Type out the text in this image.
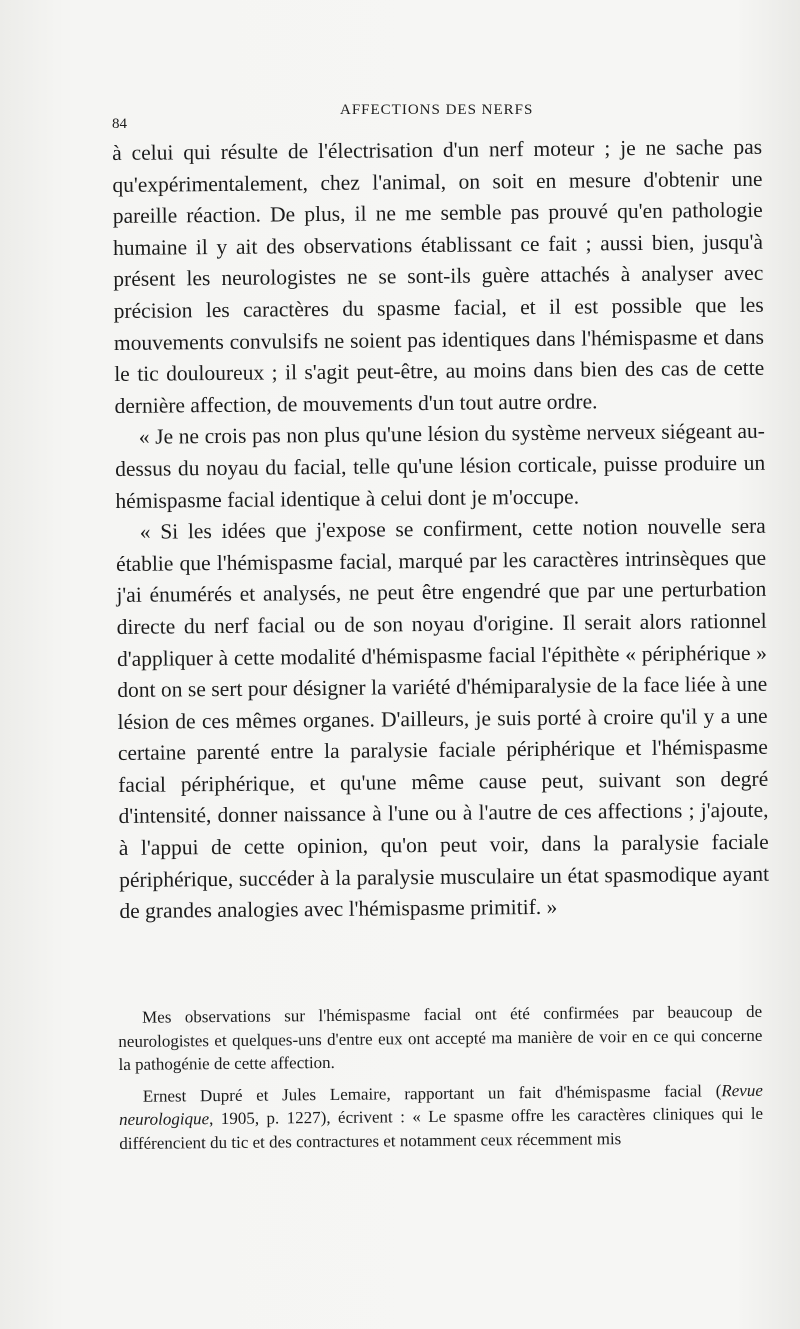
84
AFFECTIONS DES NERFS

à celui qui résulte de l'électrisation d'un nerf moteur ; je ne sache pas qu'expérimentalement, chez l'animal, on soit en mesure d'obtenir une pareille réaction. De plus, il ne me semble pas prouvé qu'en pathologie humaine il y ait des observations établissant ce fait ; aussi bien, jusqu'à présent les neurologistes ne se sont-ils guère attachés à analyser avec précision les caractères du spasme facial, et il est possible que les mouvements convulsifs ne soient pas identiques dans l'hémispasme et dans le tic douloureux ; il s'agit peut-être, au moins dans bien des cas de cette dernière affection, de mouvements d'un tout autre ordre.

« Je ne crois pas non plus qu'une lésion du système nerveux siégeant au-dessus du noyau du facial, telle qu'une lésion corticale, puisse produire un hémispasme facial identique à celui dont je m'occupe.

« Si les idées que j'expose se confirment, cette notion nouvelle sera établie que l'hémispasme facial, marqué par les caractères intrinsèques que j'ai énumérés et analysés, ne peut être engendré que par une perturbation directe du nerf facial ou de son noyau d'origine. Il serait alors rationnel d'appliquer à cette modalité d'hémispasme facial l'épithète « périphérique » dont on se sert pour désigner la variété d'hémiparalysie de la face liée à une lésion de ces mêmes organes. D'ailleurs, je suis porté à croire qu'il y a une certaine parenté entre la paralysie faciale périphérique et l'hémispasme facial périphérique, et qu'une même cause peut, suivant son degré d'intensité, donner naissance à l'une ou à l'autre de ces affections ; j'ajoute, à l'appui de cette opinion, qu'on peut voir, dans la paralysie faciale périphérique, succéder à la paralysie musculaire un état spasmodique ayant de grandes analogies avec l'hémispasme primitif. »

Mes observations sur l'hémispasme facial ont été confirmées par beaucoup de neurologistes et quelques-uns d'entre eux ont accepté ma manière de voir en ce qui concerne la pathogénie de cette affection.

Ernest Dupré et Jules Lemaire, rapportant un fait d'hémispasme facial (Revue neurologique, 1905, p. 1227), écrivent : « Le spasme offre les caractères cliniques qui le différencient du tic et des contractures et notamment ceux récemment mis
